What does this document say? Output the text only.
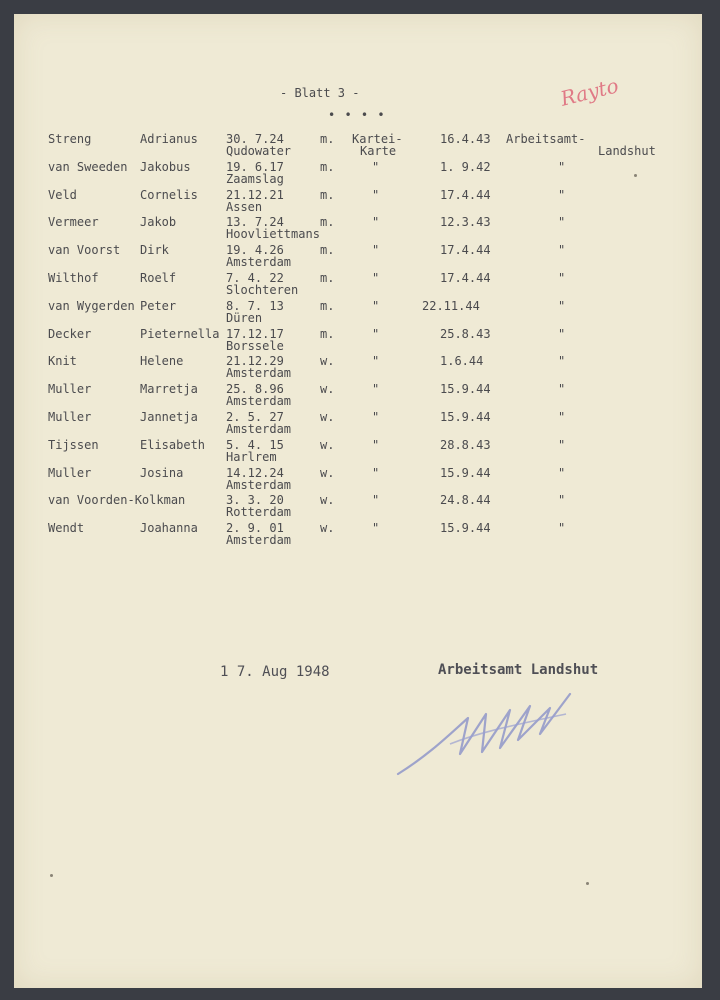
- Blatt 3 -
• • • •
Rayto
Streng	Adrianus 30. 7.24	m. Kartei-	16.4.43 Arbeitsamt-
Qudowater	Karte	Landshut
van Sweeden Jakobus	19. 6.17	m.	"	1. 9.42	"
Zaamslag
Veld	Cornelis 21.12.21	m.	"	17.4.44	"
Assen
Vermeer	Jakob	13. 7.24	m.	"	12.3.43	"
Hoovliettmans
van Voorst Dirk	19. 4.26	m.	"	17.4.44	"
Amsterdam
Wilthof	Roelf	7. 4. 22	m.	"	17.4.44	"
Slochteren
van Wygerden Peter	8. 7. 13	m.	"	22.11.44	"
Düren
Decker	Pieternella 17.12.17	m.	"	25.8.43	"
Borssele
Knit	Helene	21.12.29	w.	"	1.6.44	"
Amsterdam
Muller	Marretja 25. 8.96	w.	"	15.9.44	"
Amsterdam
Muller	Jannetja 2. 5. 27	w.	"	15.9.44	"
Amsterdam
Tijssen	Elisabeth 5. 4. 15	w.	"	28.8.43	"
Harlrem
Muller	Josina	14.12.24	w.	"	15.9.44	"
Amsterdam
van Voorden-Kolkman	3. 3. 20	w.	"	24.8.44	"
Rotterdam
Wendt	Joahanna 2. 9. 01	w.	"	15.9.44	"
Amsterdam
1 7. Aug 1948	Arbeitsamt Landshut
